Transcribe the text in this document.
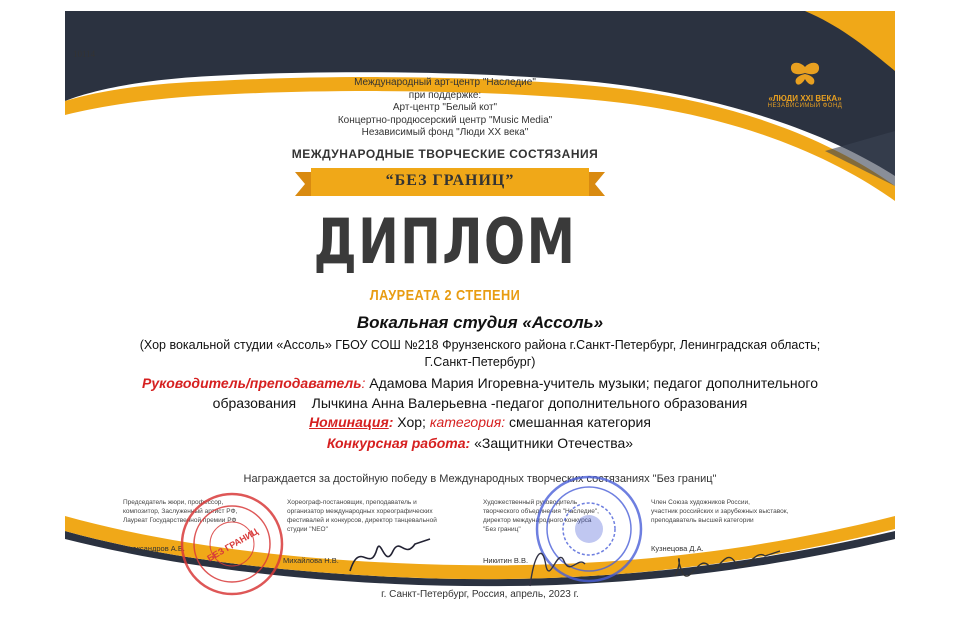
10114
Международный арт-центр "Наследие"
при поддержке:
Арт-центр "Белый кот"
Концертно-продюсерский центр "Music Media"
Независимый фонд "Люди XX века"
«ЛЮДИ XXI ВЕКА»
НЕЗАВИСИМЫЙ ФОНД
МЕЖДУНАРОДНЫЕ ТВОРЧЕСКИЕ СОСТЯЗАНИЯ
“БЕЗ ГРАНИЦ”
ДИПЛОМ
ЛАУРЕАТА 2 СТЕПЕНИ
Вокальная студия «Ассоль»
(Хор вокальной студии «Ассоль» ГБОУ СОШ №218 Фрунзенского района г.Санкт-Петербург, Ленинградская область;
Г.Санкт-Петербург)
Руководитель/преподаватель: Адамова Мария Игоревна-учитель музыки; педагог дополнительного
образования    Лычкина Анна Валерьевна -педагог дополнительного образования
Номинация: Хор; категория: смешанная категория
Конкурсная работа: «Защитники Отечества»
Награждается за достойную победу в Международных творческих состязаниях "Без границ"
Председатель жюри, профессор,
композитор, Заслуженный артист РФ,
Лауреат Государственной премии РФ
Александров А.Б.
Хореограф-постановщик, преподаватель и
организатор международных хореографических
фестивалей и конкурсов, директор танцевальной
студии "NEO"
Михайлова Н.В.
Художественный руководитель
творческого объединения "Наследие",
директор международного конкурса
"Без границ"
Никитин В.В.
Член Союза художников России,
участник российских и зарубежных выставок,
преподаватель высшей категории
Кузнецова Д.А.
БЕЗ ГРАНИЦ
г. Санкт-Петербург, Россия, апрель, 2023 г.
